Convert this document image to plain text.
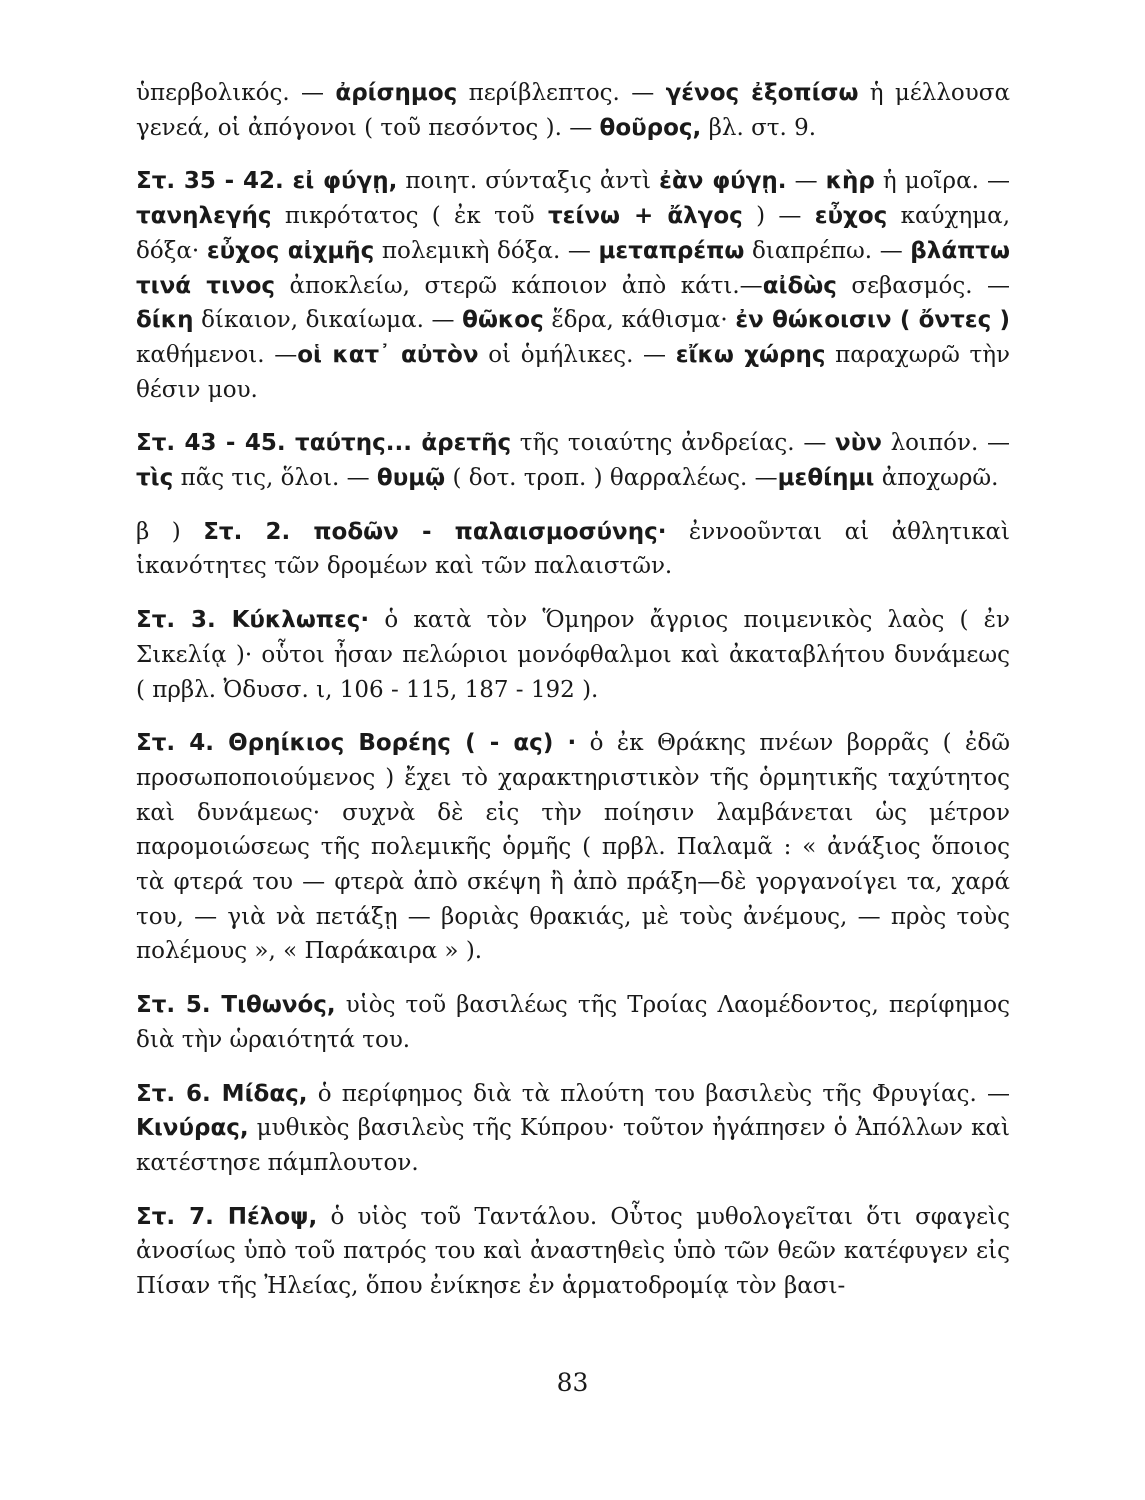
ὑπερβολικός. — ἀρίσημος περίβλεπτος. — γένος ἐξοπίσω ἡ μέλλουσα γενεά, οἱ ἀπόγονοι ( τοῦ πεσόντος ). — θοῦρος, βλ. στ. 9.

Στ. 35 - 42. εἰ φύγῃ, ποιητ. σύνταξις ἀντὶ ἐὰν φύγῃ. — κὴρ ἡ μοῖρα. — τανηλεγής πικρότατος ( ἐκ τοῦ τείνω + ἄλγος ) — εὖχος καύχημα, δόξα· εὖχος αἰχμῆς πολεμικὴ δόξα. — μεταπρέπω διαπρέπω. — βλάπτω τινά τινος ἀποκλείω, στερῶ κάποιον ἀπὸ κάτι.—αἰδὼς σεβασμός. — δίκη δίκαιον, δικαίωμα. — θῶκος ἕδρα, κάθισμα· ἐν θώκοισιν ( ὄντες ) καθήμενοι. —οἱ κατ᾽ αὐτὸν οἱ ὁμήλικες. — εἴκω χώρης παραχωρῶ τὴν θέσιν μου.

Στ. 43 - 45. ταύτης... ἀρετῆς τῆς τοιαύτης ἀνδρείας. — νὺν λοιπόν. — τὶς πᾶς τις, ὅλοι. — θυμῷ ( δοτ. τροπ. ) θαρραλέως. —μεθίημι ἀποχωρῶ.

β ) Στ. 2. ποδῶν - παλαισμοσύνης· ἐννοοῦνται αἱ ἀθλητικαὶ ἱκανότητες τῶν δρομέων καὶ τῶν παλαιστῶν.

Στ. 3. Κύκλωπες· ὁ κατὰ τὸν Ὅμηρον ἄγριος ποιμενικὸς λαὸς ( ἐν Σικελίᾳ )· οὗτοι ἦσαν πελώριοι μονόφθαλμοι καὶ ἀκαταβλήτου δυνάμεως ( πρβλ. Ὀδυσσ. ι, 106 - 115, 187 - 192 ).

Στ. 4. Θρηίκιος Βορέης ( - ας) · ὁ ἐκ Θράκης πνέων βορρᾶς ( ἐδῶ προσωποποιούμενος ) ἔχει τὸ χαρακτηριστικὸν τῆς ὁρμητικῆς ταχύτητος καὶ δυνάμεως· συχνὰ δὲ εἰς τὴν ποίησιν λαμβάνεται ὡς μέτρον παρομοιώσεως τῆς πολεμικῆς ὁρμῆς ( πρβλ. Παλαμᾶ : « ἀνάξιος ὅποιος τὰ φτερά του — φτερὰ ἀπὸ σκέψη ἢ ἀπὸ πράξη—δὲ γοργανοίγει τα, χαρά του, — γιὰ νὰ πετάξῃ — βοριὰς θρακιάς, μὲ τοὺς ἀνέμους, — πρὸς τοὺς πολέμους », « Παράκαιρα » ).

Στ. 5. Τιθωνός, υἱὸς τοῦ βασιλέως τῆς Τροίας Λαομέδοντος, περίφημος διὰ τὴν ὡραιότητά του.

Στ. 6. Μίδας, ὁ περίφημος διὰ τὰ πλούτη του βασιλεὺς τῆς Φρυγίας. — Κινύρας, μυθικὸς βασιλεὺς τῆς Κύπρου· τοῦτον ἠγάπησεν ὁ Ἀπόλλων καὶ κατέστησε πάμπλουτον.

Στ. 7. Πέλοψ, ὁ υἱὸς τοῦ Ταντάλου. Οὗτος μυθολογεῖται ὅτι σφαγεὶς ἀνοσίως ὑπὸ τοῦ πατρός του καὶ ἀναστηθεὶς ὑπὸ τῶν θεῶν κατέφυγεν εἰς Πίσαν τῆς Ἠλείας, ὅπου ἐνίκησε ἐν ἁρματοδρομίᾳ τὸν βασι-

83
